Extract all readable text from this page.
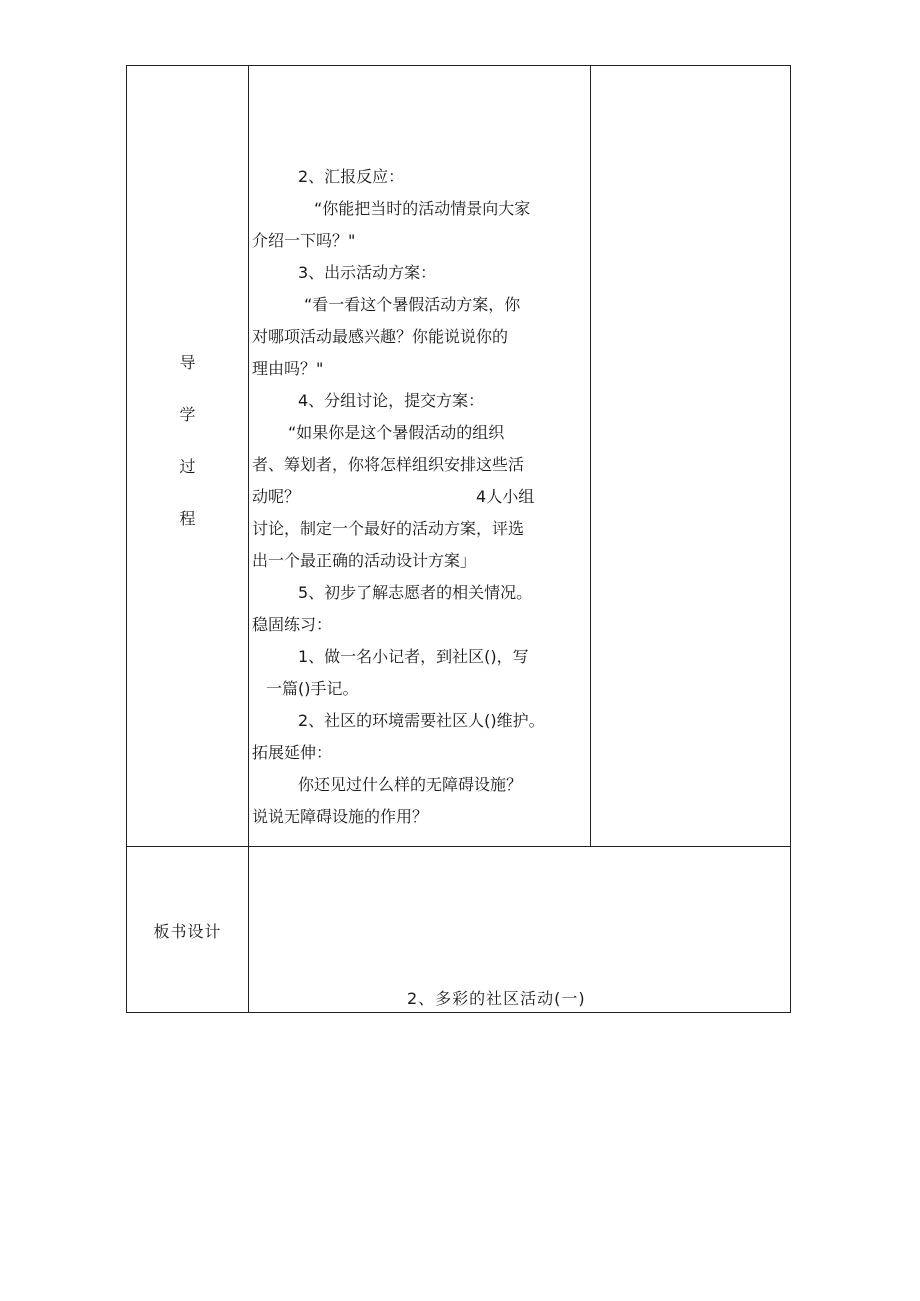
导
学
过
程
2、汇报反应：
“你能把当时的活动情景向大家
介绍一下吗？"
3、出示活动方案：
“看一看这个暑假活动方案，你
对哪项活动最感兴趣？你能说说你的
理由吗？"
4、分组讨论，提交方案：
“如果你是这个暑假活动的组织
者、筹划者，你将怎样组织安排这些活
动呢？	4人小组
讨论，制定一个最好的活动方案，评选
出一个最正确的活动设计方案」
5、初步了解志愿者的相关情况。
稳固练习：
1、做一名小记者，到社区()，写
一篇()手记。
2、社区的环境需要社区人()维护。
拓展延伸：
你还见过什么样的无障碍设施？
说说无障碍设施的作用？
板书设计
2、多彩的社区活动(一)
